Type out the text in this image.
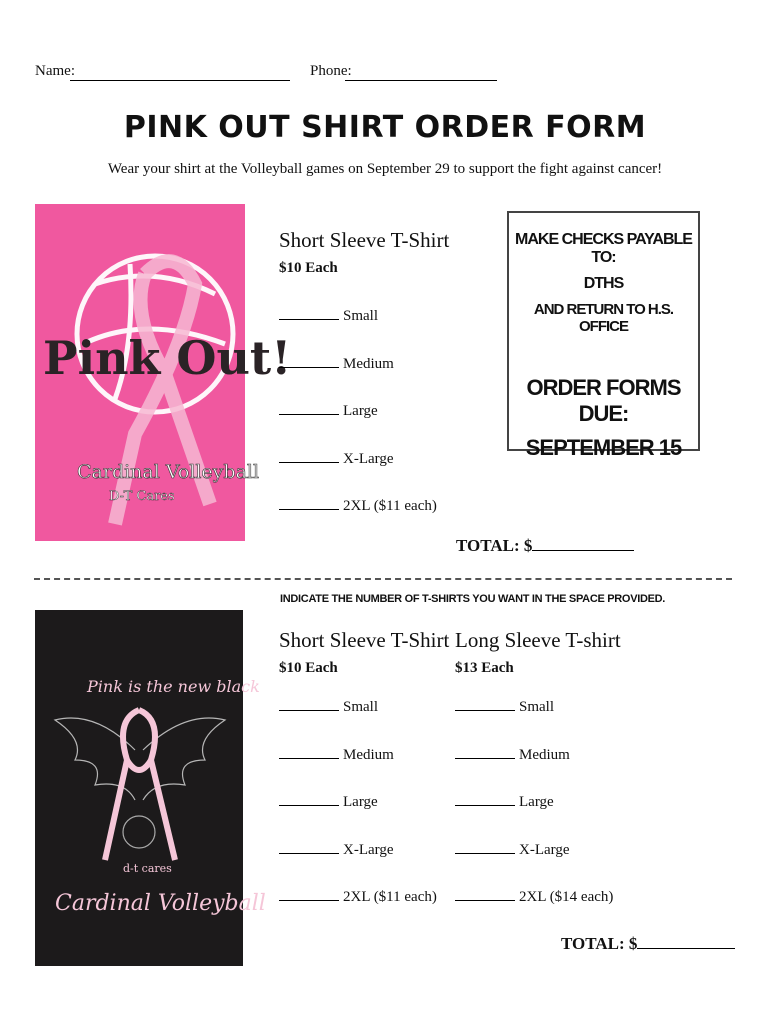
Name:	Phone:
PINK OUT SHIRT ORDER FORM
Wear your shirt at the Volleyball games on September 29 to support the fight against cancer!
Pink Out!
Cardinal Volleyball
D-T Cares
Short Sleeve T-Shirt
$10 Each
Small
Medium
Large
X-Large
2XL ($11 each)
TOTAL: $
MAKE CHECKS PAYABLE TO:
DTHS
AND RETURN TO H.S. OFFICE
ORDER FORMS DUE:
SEPTEMBER 15
INDICATE THE NUMBER OF T-SHIRTS YOU WANT IN THE SPACE PROVIDED.
Pink is the new black
d-t cares
Cardinal Volleyball
Short Sleeve T-Shirt
$10 Each
Long Sleeve T-shirt
$13 Each
Small
Medium
Large
X-Large
2XL ($11 each)
Small
Medium
Large
X-Large
2XL ($14 each)
TOTAL: $
